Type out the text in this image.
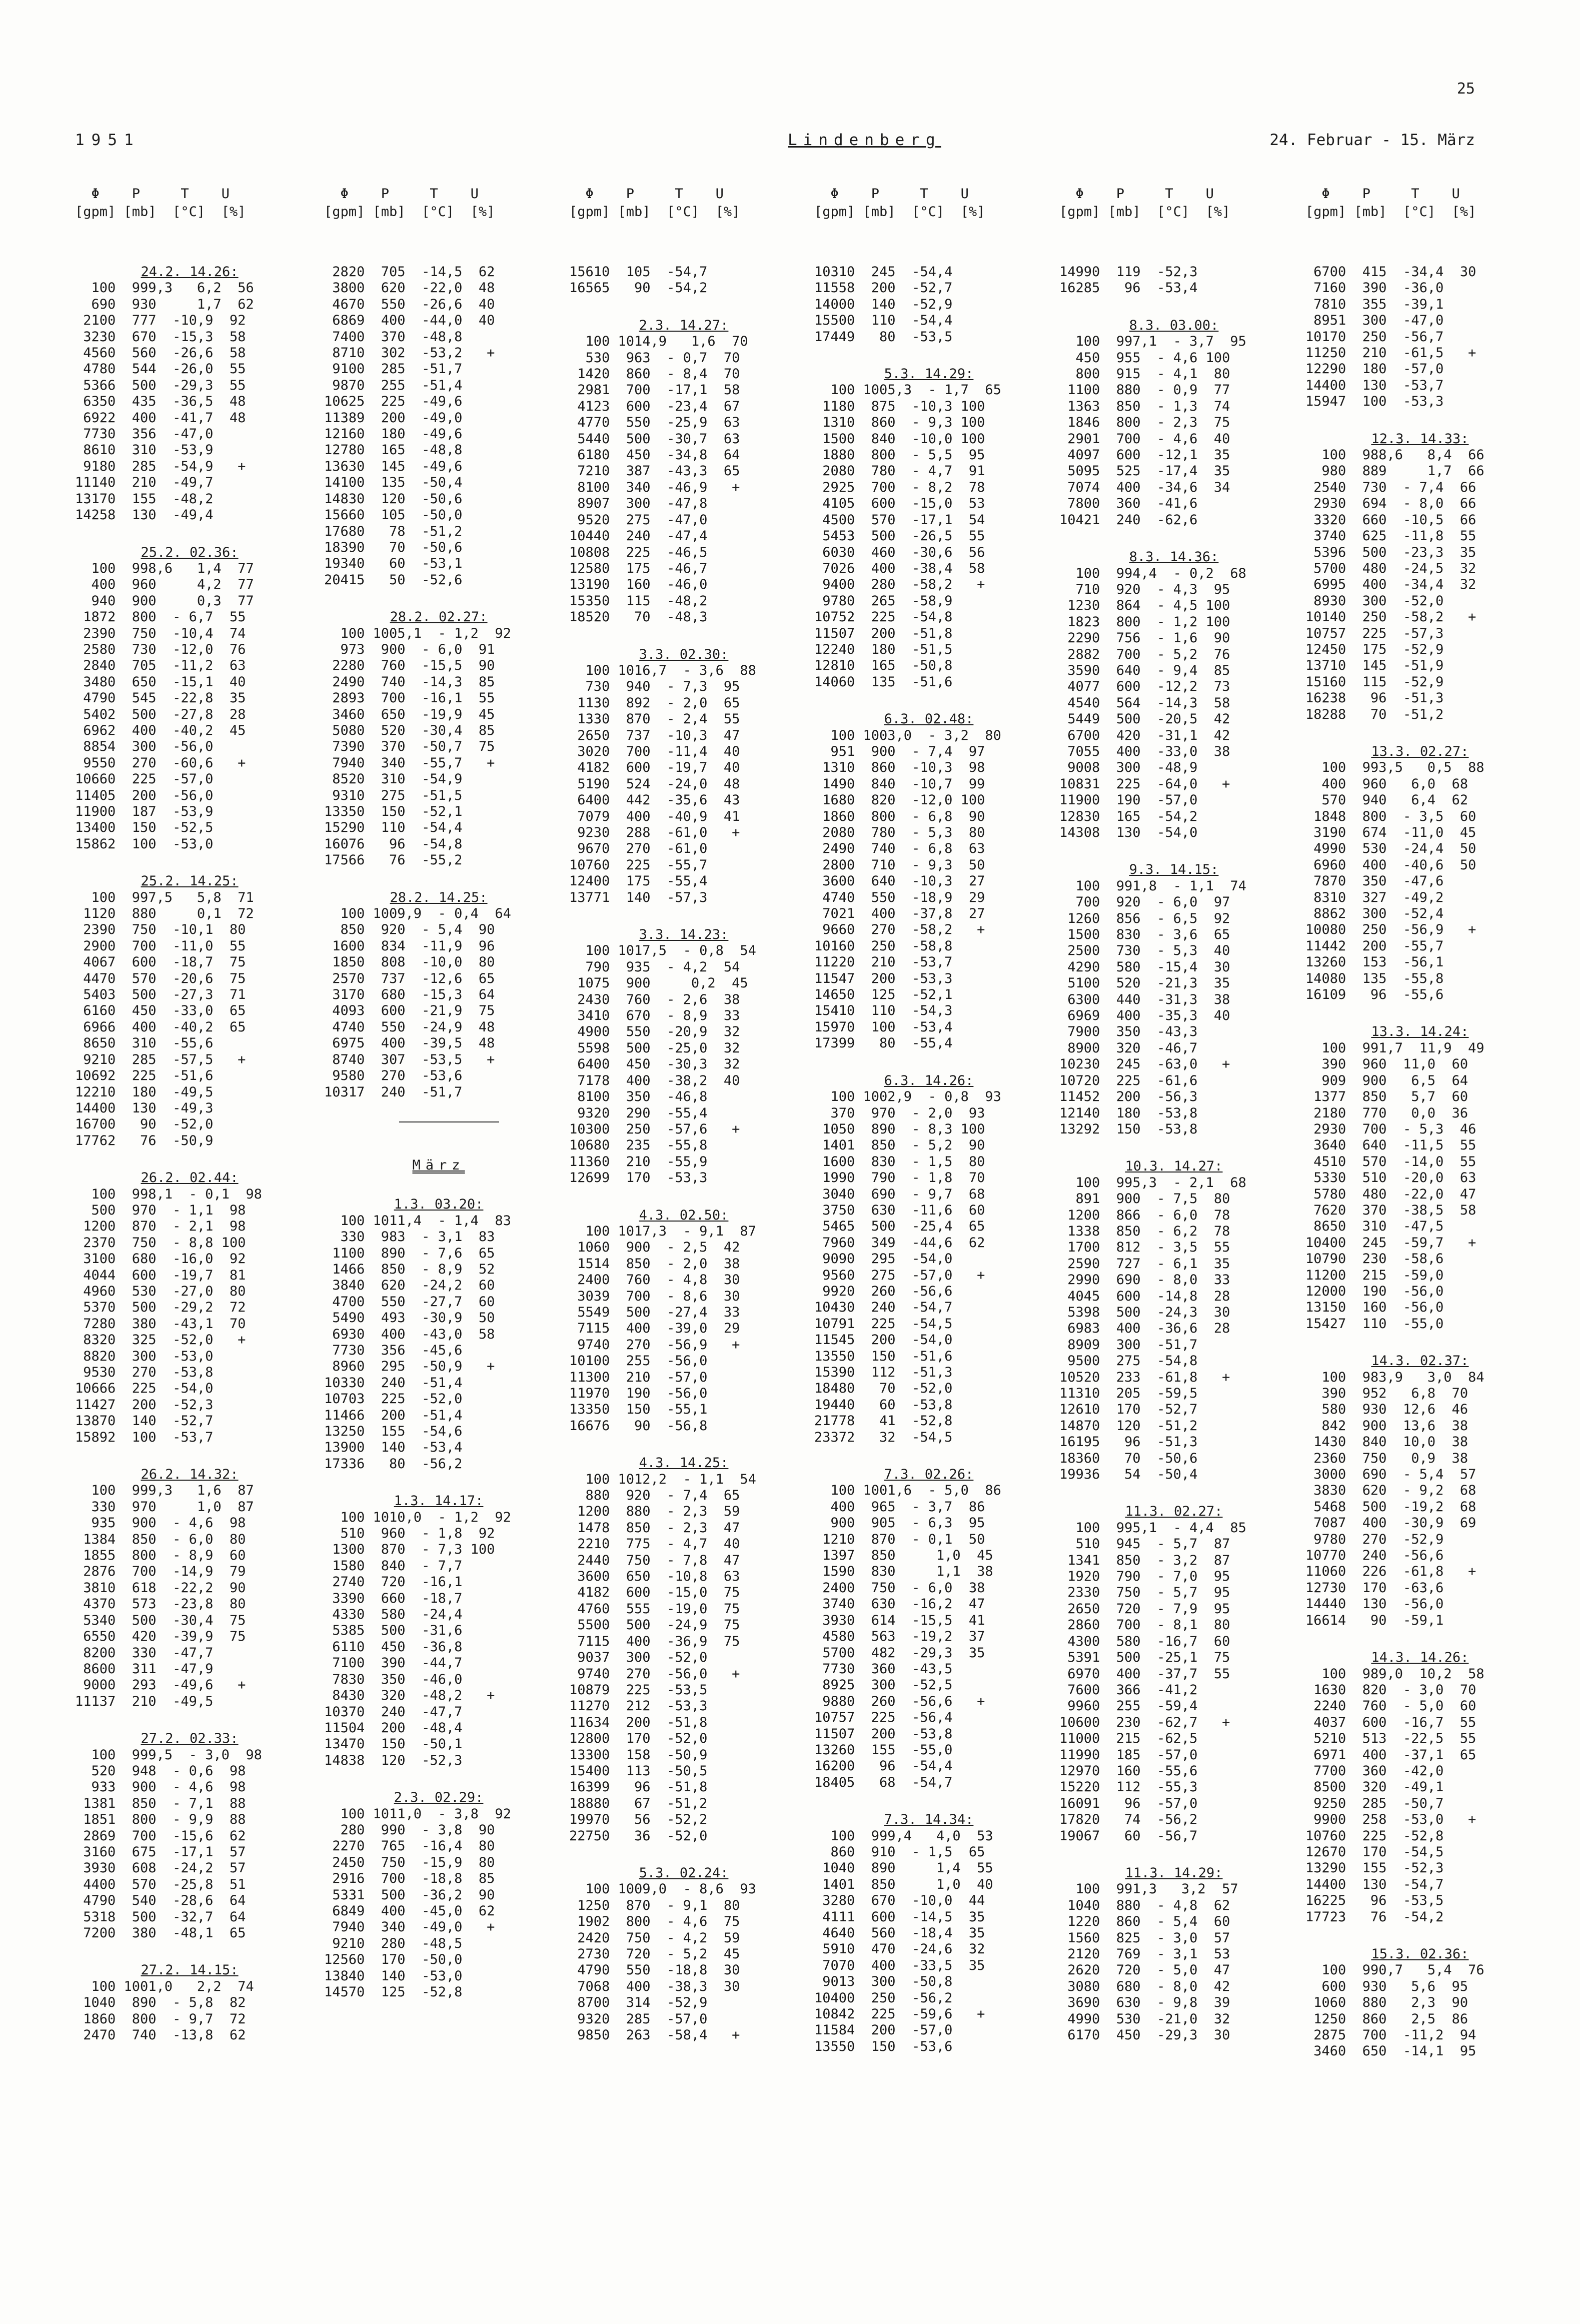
25
1951	Lindenberg	24. Februar - 15. März
Φ    P     T    U
[gpm] [mb]  [°C]  [%]
24.2. 14.26:
100  999,3   6,2  56
690  930     1,7  62
2100  777  -10,9  92
3230  670  -15,3  58
4560  560  -26,6  58
4780  544  -26,0  55
5366  500  -29,3  55
6350  435  -36,5  48
6922  400  -41,7  48
7730  356  -47,0
8610  310  -53,9
9180  285  -54,9   +
11140  210  -49,7
13170  155  -48,2
14258  130  -49,4
25.2. 02.36:
100  998,6   1,4  77
400  960     4,2  77
940  900     0,3  77
1872  800  - 6,7  55
2390  750  -10,4  74
2580  730  -12,0  76
2840  705  -11,2  63
3480  650  -15,1  40
4790  545  -22,8  35
5402  500  -27,8  28
6962  400  -40,2  45
8854  300  -56,0
9550  270  -60,6   +
10660  225  -57,0
11405  200  -56,0
11900  187  -53,9
13400  150  -52,5
15862  100  -53,0
25.2. 14.25:
100  997,5   5,8  71
1120  880     0,1  72
2390  750  -10,1  80
2900  700  -11,0  55
4067  600  -18,7  75
4470  570  -20,6  75
5403  500  -27,3  71
6160  450  -33,0  65
6966  400  -40,2  65
8650  310  -55,6
9210  285  -57,5   +
10692  225  -51,6
12210  180  -49,5
14400  130  -49,3
16700   90  -52,0
17762   76  -50,9
26.2. 02.44:
100  998,1  - 0,1  98
500  970  - 1,1  98
1200  870  - 2,1  98
2370  750  - 8,8 100
3100  680  -16,0  92
4044  600  -19,7  81
4960  530  -27,0  80
5370  500  -29,2  72
7280  380  -43,1  70
8320  325  -52,0   +
8820  300  -53,0
9530  270  -53,8
10666  225  -54,0
11427  200  -52,3
13870  140  -52,7
15892  100  -53,7
26.2. 14.32:
100  999,3   1,6  87
330  970     1,0  87
935  900  - 4,6  98
1384  850  - 6,0  80
1855  800  - 8,9  60
2876  700  -14,9  79
3810  618  -22,2  90
4370  573  -23,8  80
5340  500  -30,4  75
6550  420  -39,9  75
8200  330  -47,7
8600  311  -47,9
9000  293  -49,6   +
11137  210  -49,5
27.2. 02.33:
100  999,5  - 3,0  98
520  948  - 0,6  98
933  900  - 4,6  98
1381  850  - 7,1  88
1851  800  - 9,9  88
2869  700  -15,6  62
3160  675  -17,1  57
3930  608  -24,2  57
4400  570  -25,8  51
4790  540  -28,6  64
5318  500  -32,7  64
7200  380  -48,1  65
27.2. 14.15:
100 1001,0   2,2  74
1040  890  - 5,8  82
1860  800  - 9,7  72
2470  740  -13,8  62
Φ    P     T    U
[gpm] [mb]  [°C]  [%]
2820  705  -14,5  62
3800  620  -22,0  48
4670  550  -26,6  40
6869  400  -44,0  40
7400  370  -48,8
8710  302  -53,2   +
9100  285  -51,7
9870  255  -51,4
10625  225  -49,6
11389  200  -49,0
12160  180  -49,6
12780  165  -48,8
13630  145  -49,6
14100  135  -50,4
14830  120  -50,6
15660  105  -50,0
17680   78  -51,2
18390   70  -50,6
19340   60  -53,1
20415   50  -52,6
28.2. 02.27:
100 1005,1  - 1,2  92
973  900  - 6,0  91
2280  760  -15,5  90
2490  740  -14,3  85
2893  700  -16,1  55
3460  650  -19,9  45
5080  520  -30,4  85
7390  370  -50,7  75
7940  340  -55,7   +
8520  310  -54,9
9310  275  -51,5
13350  150  -52,1
15290  110  -54,4
16076   96  -54,8
17566   76  -55,2
28.2. 14.25:
100 1009,9  - 0,4  64
850  920  - 5,4  90
1600  834  -11,9  96
1850  808  -10,0  80
2570  737  -12,6  65
3170  680  -15,3  64
4093  600  -21,9  75
4740  550  -24,9  48
6975  400  -39,5  48
8740  307  -53,5   +
9580  270  -53,6
10317  240  -51,7
März
1.3. 03.20:
100 1011,4  - 1,4  83
330  983  - 3,1  83
1100  890  - 7,6  65
1466  850  - 8,9  52
3840  620  -24,2  60
4700  550  -27,7  60
5490  493  -30,9  50
6930  400  -43,0  58
7730  356  -45,6
8960  295  -50,9   +
10330  240  -51,4
10703  225  -52,0
11466  200  -51,4
13250  155  -54,6
13900  140  -53,4
17336   80  -56,2
1.3. 14.17:
100 1010,0  - 1,2  92
510  960  - 1,8  92
1300  870  - 7,3 100
1580  840  - 7,7
2740  720  -16,1
3390  660  -18,7
4330  580  -24,4
5385  500  -31,6
6110  450  -36,8
7100  390  -44,7
7830  350  -46,0
8430  320  -48,2   +
10370  240  -47,7
11504  200  -48,4
13470  150  -50,1
14838  120  -52,3
2.3. 02.29:
100 1011,0  - 3,8  92
280  990  - 3,8  90
2270  765  -16,4  80
2450  750  -15,9  80
2916  700  -18,8  85
5331  500  -36,2  90
6849  400  -45,0  62
7940  340  -49,0   +
9210  280  -48,5
12560  170  -50,0
13840  140  -53,0
14570  125  -52,8
Φ    P     T    U
[gpm] [mb]  [°C]  [%]
15610  105  -54,7
16565   90  -54,2
2.3. 14.27:
100 1014,9   1,6  70
530  963  - 0,7  70
1420  860  - 8,4  70
2981  700  -17,1  58
4123  600  -23,4  67
4770  550  -25,9  63
5440  500  -30,7  63
6180  450  -34,8  64
7210  387  -43,3  65
8100  340  -46,9   +
8907  300  -47,8
9520  275  -47,0
10440  240  -47,4
10808  225  -46,5
12580  175  -46,7
13190  160  -46,0
15350  115  -48,2
18520   70  -48,3
3.3. 02.30:
100 1016,7  - 3,6  88
730  940  - 7,3  95
1130  892  - 2,0  65
1330  870  - 2,4  55
2650  737  -10,3  47
3020  700  -11,4  40
4182  600  -19,7  40
5190  524  -24,0  48
6400  442  -35,6  43
7079  400  -40,9  41
9230  288  -61,0   +
9670  270  -61,0
10760  225  -55,7
12400  175  -55,4
13771  140  -57,3
3.3. 14.23:
100 1017,5  - 0,8  54
790  935  - 4,2  54
1075  900     0,2  45
2430  760  - 2,6  38
3410  670  - 8,9  33
4900  550  -20,9  32
5598  500  -25,0  32
6400  450  -30,3  32
7178  400  -38,2  40
8100  350  -46,8
9320  290  -55,4
10300  250  -57,6   +
10680  235  -55,8
11360  210  -55,9
12699  170  -53,3
4.3. 02.50:
100 1017,3  - 9,1  87
1060  900  - 2,5  42
1514  850  - 2,0  38
2400  760  - 4,8  30
3039  700  - 8,6  30
5549  500  -27,4  33
7115  400  -39,0  29
9740  270  -56,9   +
10100  255  -56,0
11300  210  -57,0
11970  190  -56,0
13350  150  -55,1
16676   90  -56,8
4.3. 14.25:
100 1012,2  - 1,1  54
880  920  - 7,4  65
1200  880  - 2,3  59
1478  850  - 2,3  47
2210  775  - 4,7  40
2440  750  - 7,8  47
3600  650  -10,8  63
4182  600  -15,0  75
4760  555  -19,0  75
5500  500  -24,9  75
7115  400  -36,9  75
9037  300  -52,0
9740  270  -56,0   +
10879  225  -53,5
11270  212  -53,3
11634  200  -51,8
12800  170  -52,0
13300  158  -50,9
15400  113  -50,5
16399   96  -51,8
18880   67  -51,2
19970   56  -52,2
22750   36  -52,0
5.3. 02.24:
100 1009,0  - 8,6  93
1250  870  - 9,1  80
1902  800  - 4,6  75
2420  750  - 4,2  59
2730  720  - 5,2  45
4790  550  -18,8  30
7068  400  -38,3  30
8700  314  -52,9
9320  285  -57,0
9850  263  -58,4   +
Φ    P     T    U
[gpm] [mb]  [°C]  [%]
10310  245  -54,4
11558  200  -52,7
14000  140  -52,9
15500  110  -54,4
17449   80  -53,5
5.3. 14.29:
100 1005,3  - 1,7  65
1180  875  -10,3 100
1310  860  - 9,3 100
1500  840  -10,0 100
1880  800  - 5,5  95
2080  780  - 4,7  91
2925  700  - 8,2  78
4105  600  -15,0  53
4500  570  -17,1  54
5453  500  -26,5  55
6030  460  -30,6  56
7026  400  -38,4  58
9400  280  -58,2   +
9780  265  -58,9
10752  225  -54,8
11507  200  -51,8
12240  180  -51,5
12810  165  -50,8
14060  135  -51,6
6.3. 02.48:
100 1003,0  - 3,2  80
951  900  - 7,4  97
1310  860  -10,3  98
1490  840  -10,7  99
1680  820  -12,0 100
1860  800  - 6,8  90
2080  780  - 5,3  80
2490  740  - 6,8  63
2800  710  - 9,3  50
3600  640  -10,3  27
4740  550  -18,9  29
7021  400  -37,8  27
9660  270  -58,2   +
10160  250  -58,8
11220  210  -53,7
11547  200  -53,3
14650  125  -52,1
15410  110  -54,3
15970  100  -53,4
17399   80  -55,4
6.3. 14.26:
100 1002,9  - 0,8  93
370  970  - 2,0  93
1050  890  - 8,3 100
1401  850  - 5,2  90
1600  830  - 1,5  80
1990  790  - 1,8  70
3040  690  - 9,7  68
3750  630  -11,6  60
5465  500  -25,4  65
7960  349  -44,6  62
9090  295  -54,0
9560  275  -57,0   +
9920  260  -56,6
10430  240  -54,7
10791  225  -54,5
11545  200  -54,0
13550  150  -51,6
15390  112  -51,3
18480   70  -52,0
19440   60  -53,8
21778   41  -52,8
23372   32  -54,5
7.3. 02.26:
100 1001,6  - 5,0  86
400  965  - 3,7  86
900  905  - 6,3  95
1210  870  - 0,1  50
1397  850     1,0  45
1590  830     1,1  38
2400  750  - 6,0  38
3740  630  -16,2  47
3930  614  -15,5  41
4580  563  -19,2  37
5700  482  -29,3  35
7730  360  -43,5
8925  300  -52,5
9880  260  -56,6   +
10757  225  -56,4
11507  200  -53,8
13260  155  -55,0
16200   96  -54,4
18405   68  -54,7
7.3. 14.34:
100  999,4   4,0  53
860  910  - 1,5  65
1040  890     1,4  55
1401  850     1,0  40
3280  670  -10,0  44
4111  600  -14,5  35
4640  560  -18,4  35
5910  470  -24,6  32
7070  400  -33,5  35
9013  300  -50,8
10400  250  -56,2
10842  225  -59,6   +
11584  200  -57,0
13550  150  -53,6
Φ    P     T    U
[gpm] [mb]  [°C]  [%]
14990  119  -52,3
16285   96  -53,4
8.3. 03.00:
100  997,1  - 3,7  95
450  955  - 4,6 100
800  915  - 4,1  80
1100  880  - 0,9  77
1363  850  - 1,3  74
1846  800  - 2,3  75
2901  700  - 4,6  40
4097  600  -12,1  35
5095  525  -17,4  35
7074  400  -34,6  34
7800  360  -41,6
10421  240  -62,6
8.3. 14.36:
100  994,4  - 0,2  68
710  920  - 4,3  95
1230  864  - 4,5 100
1823  800  - 1,2 100
2290  756  - 1,6  90
2882  700  - 5,2  76
3590  640  - 9,4  85
4077  600  -12,2  73
4540  564  -14,3  58
5449  500  -20,5  42
6700  420  -31,1  42
7055  400  -33,0  38
9008  300  -48,9
10831  225  -64,0   +
11900  190  -57,0
12830  165  -54,2
14308  130  -54,0
9.3. 14.15:
100  991,8  - 1,1  74
700  920  - 6,0  97
1260  856  - 6,5  92
1500  830  - 3,6  65
2500  730  - 5,3  40
4290  580  -15,4  30
5100  520  -21,3  35
6300  440  -31,3  38
6969  400  -35,3  40
7900  350  -43,3
8900  320  -46,7
10230  245  -63,0   +
10720  225  -61,6
11452  200  -56,3
12140  180  -53,8
13292  150  -53,8
10.3. 14.27:
100  995,3  - 2,1  68
891  900  - 7,5  80
1200  866  - 6,0  78
1338  850  - 6,2  78
1700  812  - 3,5  55
2590  727  - 6,1  35
2990  690  - 8,0  33
4045  600  -14,8  28
5398  500  -24,3  30
6983  400  -36,6  28
8909  300  -51,7
9500  275  -54,8
10520  233  -61,8   +
11310  205  -59,5
12610  170  -52,7
14870  120  -51,2
16195   96  -51,3
18360   70  -50,6
19936   54  -50,4
11.3. 02.27:
100  995,1  - 4,4  85
510  945  - 5,7  87
1341  850  - 3,2  87
1920  790  - 7,0  95
2330  750  - 5,7  95
2650  720  - 7,9  95
2860  700  - 8,1  80
4300  580  -16,7  60
5391  500  -25,1  75
6970  400  -37,7  55
7600  366  -41,2
9960  255  -59,4
10600  230  -62,7   +
11000  215  -62,5
11990  185  -57,0
12970  160  -55,6
15220  112  -55,3
16091   96  -57,0
17820   74  -56,2
19067   60  -56,7
11.3. 14.29:
100  991,3   3,2  57
1040  880  - 4,8  62
1220  860  - 5,4  60
1560  825  - 3,0  57
2120  769  - 3,1  53
2620  720  - 5,0  47
3080  680  - 8,0  42
3690  630  - 9,8  39
4990  530  -21,0  32
6170  450  -29,3  30
Φ    P     T    U
[gpm] [mb]  [°C]  [%]
6700  415  -34,4  30
7160  390  -36,0
7810  355  -39,1
8951  300  -47,0
10170  250  -56,7
11250  210  -61,5   +
12290  180  -57,0
14400  130  -53,7
15947  100  -53,3
12.3. 14.33:
100  988,6   8,4  66
980  889     1,7  66
2540  730  - 7,4  66
2930  694  - 8,0  66
3320  660  -10,5  66
3740  625  -11,8  55
5396  500  -23,3  35
5700  480  -24,5  32
6995  400  -34,4  32
8930  300  -52,0
10140  250  -58,2   +
10757  225  -57,3
12450  175  -52,9
13710  145  -51,9
15160  115  -52,9
16238   96  -51,3
18288   70  -51,2
13.3. 02.27:
100  993,5   0,5  88
400  960   6,0  68
570  940   6,4  62
1848  800  - 3,5  60
3190  674  -11,0  45
4990  530  -24,4  50
6960  400  -40,6  50
7870  350  -47,6
8310  327  -49,2
8862  300  -52,4
10080  250  -56,9   +
11442  200  -55,7
13260  153  -56,1
14080  135  -55,8
16109   96  -55,6
13.3. 14.24:
100  991,7  11,9  49
390  960  11,0  60
909  900   6,5  64
1377  850   5,7  60
2180  770   0,0  36
2930  700  - 5,3  46
3640  640  -11,5  55
4510  570  -14,0  55
5330  510  -20,0  63
5780  480  -22,0  47
7620  370  -38,5  58
8650  310  -47,5
10400  245  -59,7   +
10790  230  -58,6
11200  215  -59,0
12000  190  -56,0
13150  160  -56,0
15427  110  -55,0
14.3. 02.37:
100  983,9   3,0  84
390  952   6,8  70
580  930  12,6  46
842  900  13,6  38
1430  840  10,0  38
2360  750   0,9  38
3000  690  - 5,4  57
3830  620  - 9,2  68
5468  500  -19,2  68
7087  400  -30,9  69
9780  270  -52,9
10770  240  -56,6
11060  226  -61,8   +
12730  170  -63,6
14440  130  -56,0
16614   90  -59,1
14.3. 14.26:
100  989,0  10,2  58
1630  820  - 3,0  70
2240  760  - 5,0  60
4037  600  -16,7  55
5210  513  -22,5  55
6971  400  -37,1  65
7700  360  -42,0
8500  320  -49,1
9250  285  -50,7
9900  258  -53,0   +
10760  225  -52,8
12670  170  -54,5
13290  155  -52,3
14400  130  -54,7
16225   96  -53,5
17723   76  -54,2
15.3. 02.36:
100  990,7   5,4  76
600  930   5,6  95
1060  880   2,3  90
1250  860   2,5  86
2875  700  -11,2  94
3460  650  -14,1  95
